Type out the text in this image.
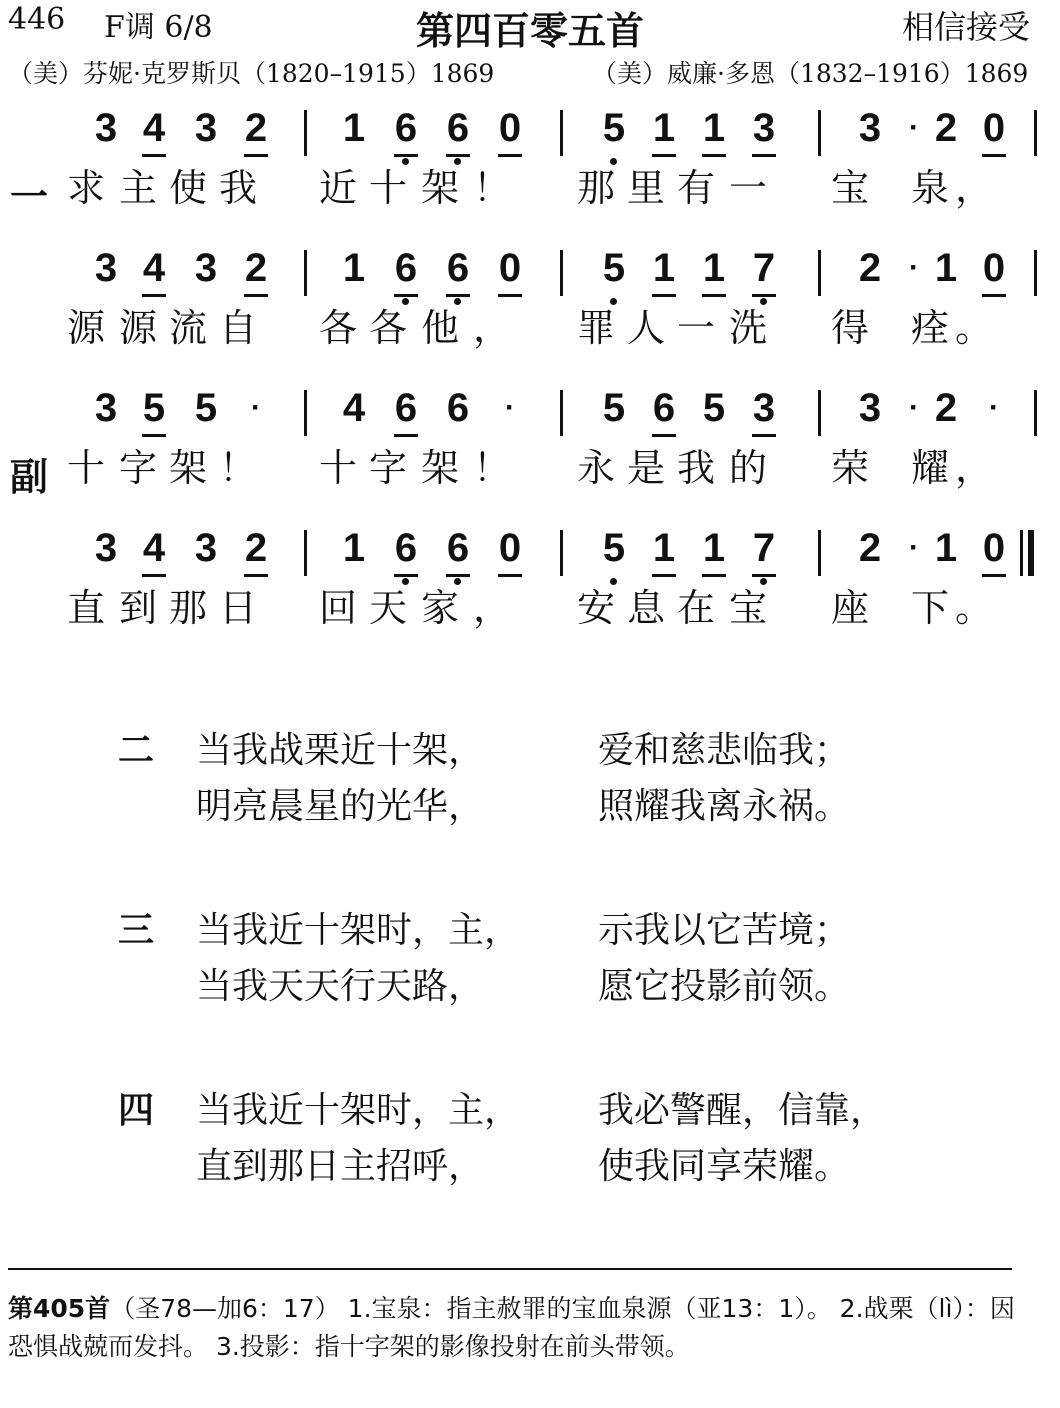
446 F调 6/8	第四百零五首	相信接受
（美）芬妮·克罗斯贝（1820–1915）1869	（美）威廉·多恩（1832–1916）1869
3 4 3 2	1 6 6 0	5 1 1 3	3 · 2 0
一 求 主 使 我 近 十 架 ！ 那 里 有 一 宝 泉 ，
3 4 3 2	1 6 6 0	5 1 1 7	2 · 1 0
源 源 流 自 各 各 他 ， 罪 人 一 洗 得 痊 。
3 5 5	·	4 6 6	·	5 6 5 3	3 · 2	·
副 十 字 架 ！ 十 字 架 ！ 永 是 我 的 荣 耀 ，
3 4 3 2	1 6 6 0	5 1 1 7	2 · 1 0
直 到 那 日 回 天 家 ， 安 息 在 宝 座 下 。
二 当我战栗近十架，	爱和慈悲临我；
明亮晨星的光华，	照耀我离永祸。
三 当我近十架时，主， 示我以它苦境；
当我天天行天路，	愿它投影前领。
四 当我近十架时，主， 我必警醒，信靠，
直到那日主招呼，	使我同享荣耀。
第405首（圣78—加6：17） 1.宝泉：指主赦罪的宝血泉源（亚13：1）。 2.战栗（lì）：因恐惧战兢而发抖。 3.投影：指十字架的影像投射在前头带领。
